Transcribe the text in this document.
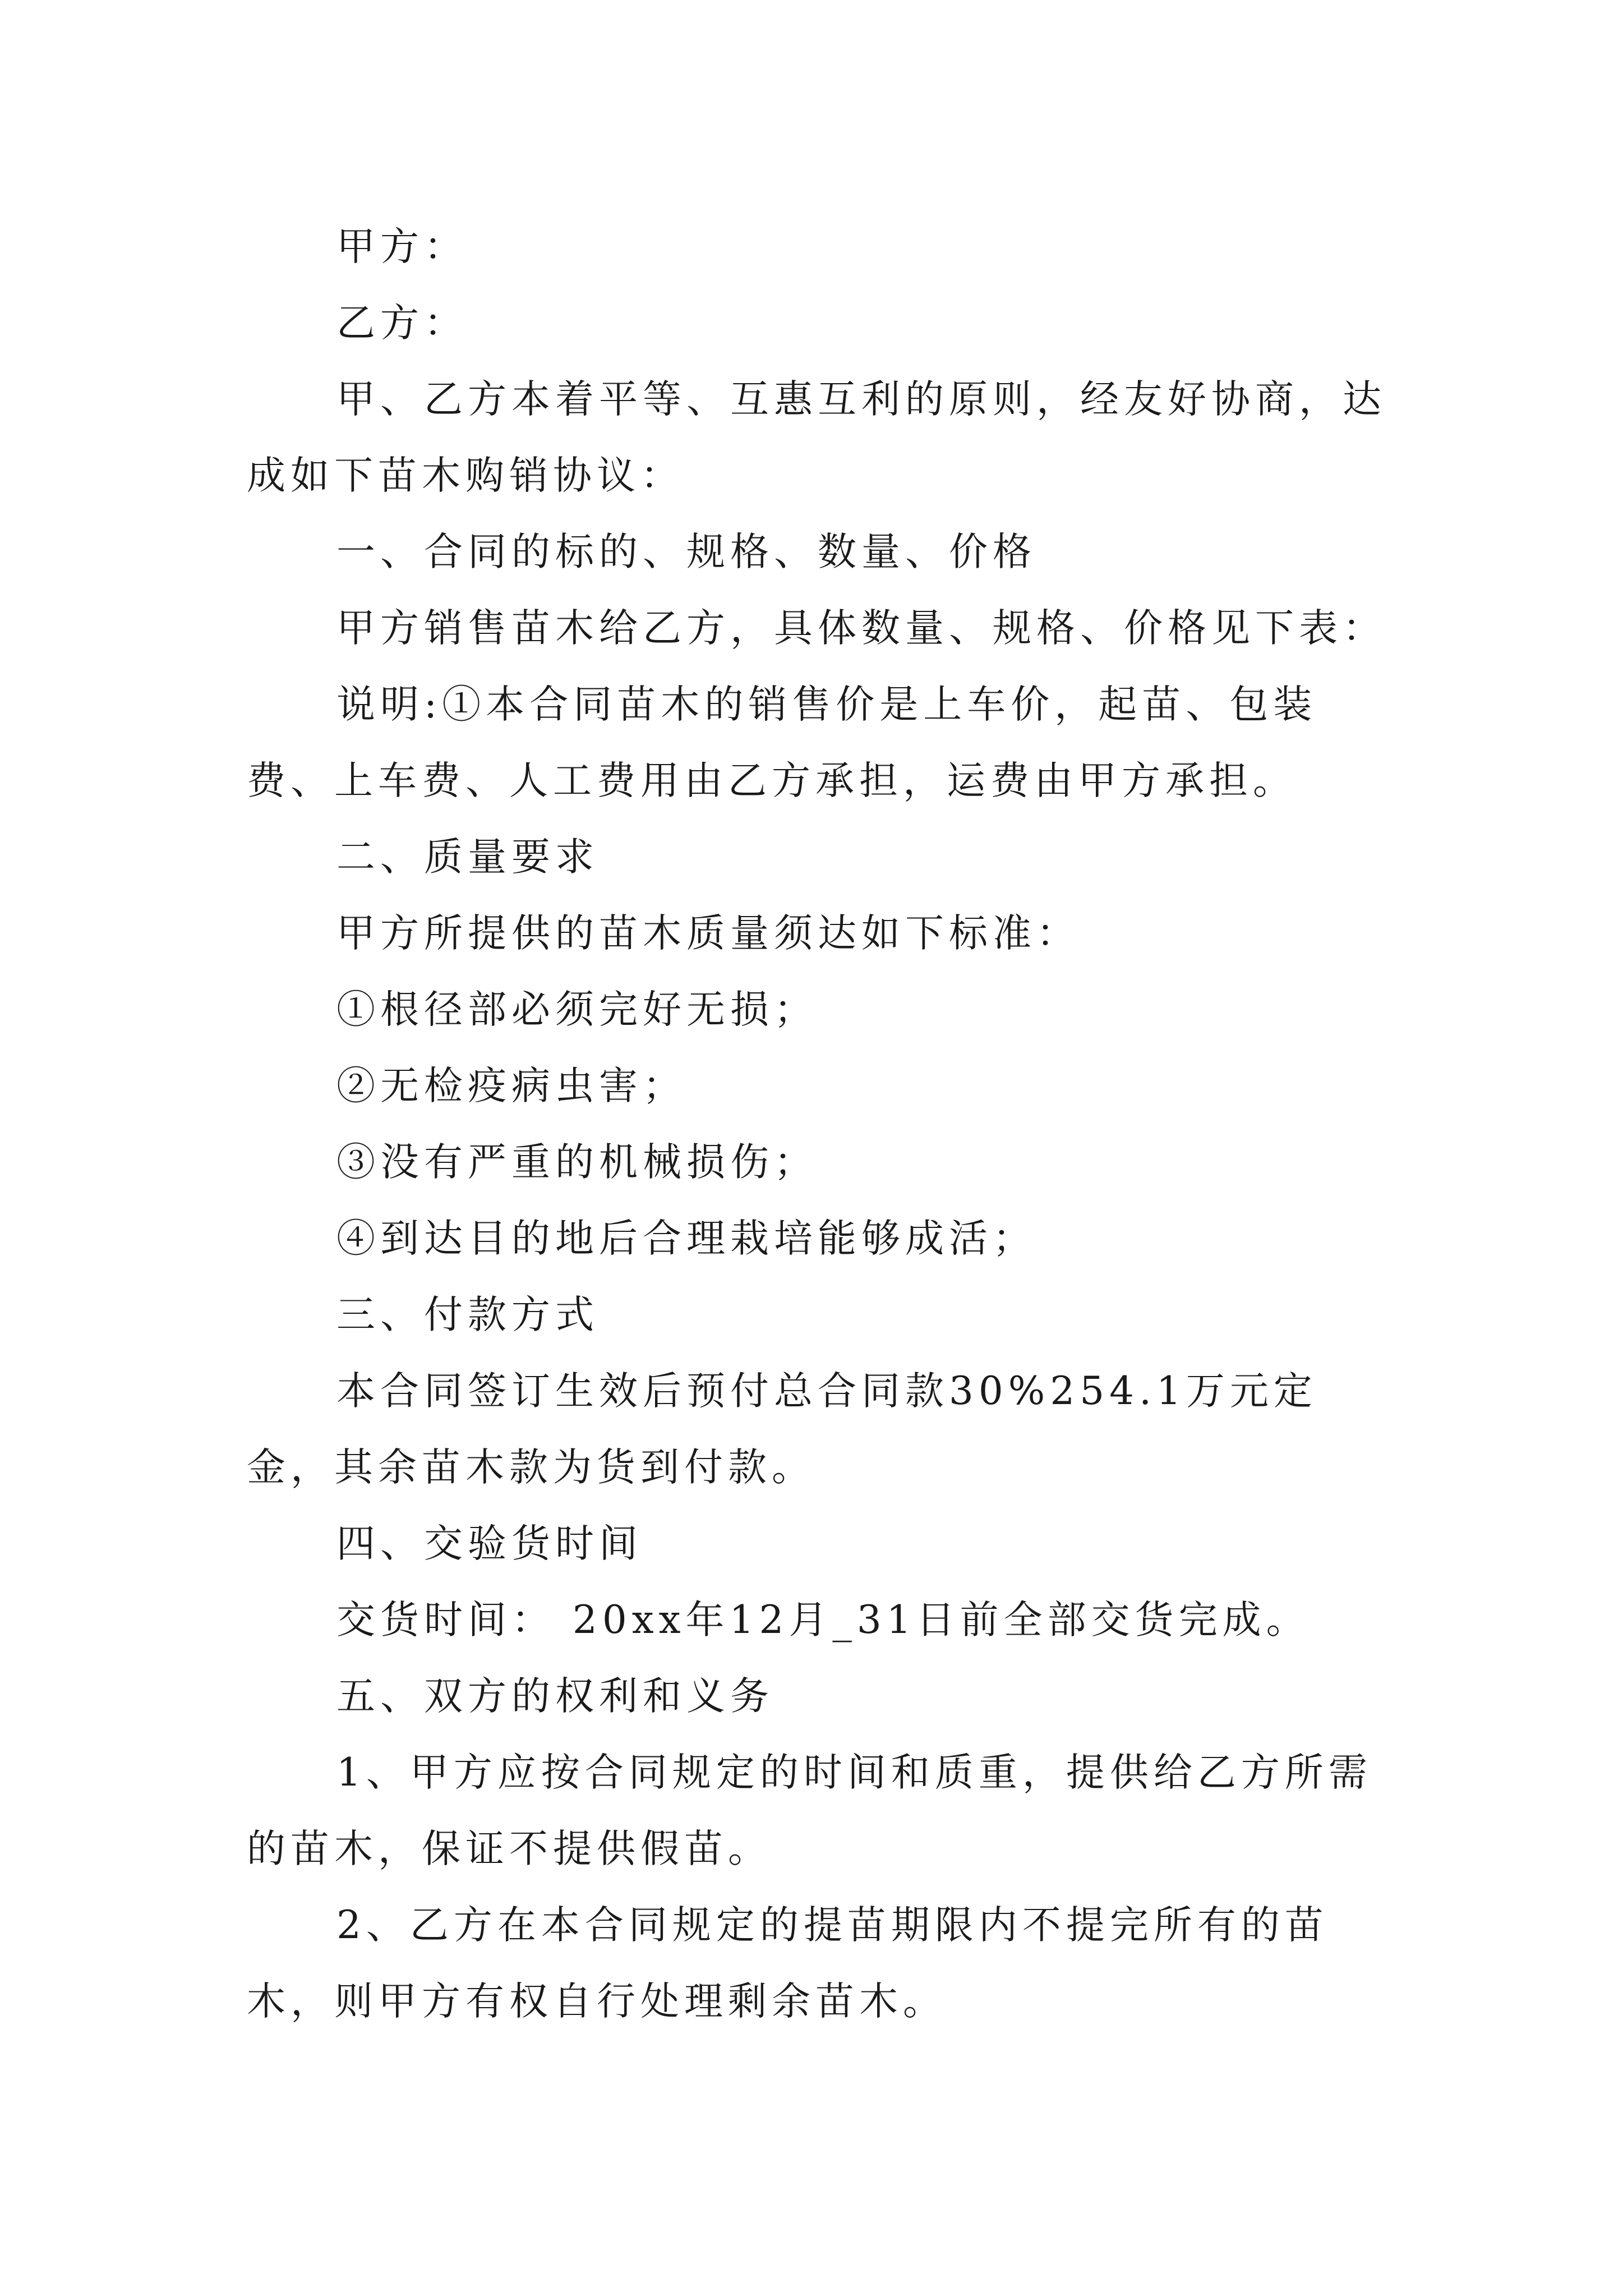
甲方：

乙方：

甲、乙方本着平等、互惠互利的原则，经友好协商，达成如下苗木购销协议：

一、合同的标的、规格、数量、价格

甲方销售苗木给乙方，具体数量、规格、价格见下表：

说明:①本合同苗木的销售价是上车价，起苗、包装费、上车费、人工费用由乙方承担，运费由甲方承担。

二、质量要求

甲方所提供的苗木质量须达如下标准：

①根径部必须完好无损；

②无检疫病虫害；

③没有严重的机械损伤；

④到达目的地后合理栽培能够成活；

三、付款方式

本合同签订生效后预付总合同款30%254.1万元定金，其余苗木款为货到付款。

四、交验货时间

交货时间： 20xx年12月_31日前全部交货完成。

五、双方的权利和义务

1、甲方应按合同规定的时间和质重，提供给乙方所需的苗木，保证不提供假苗。

2、乙方在本合同规定的提苗期限内不提完所有的苗木，则甲方有权自行处理剩余苗木。
